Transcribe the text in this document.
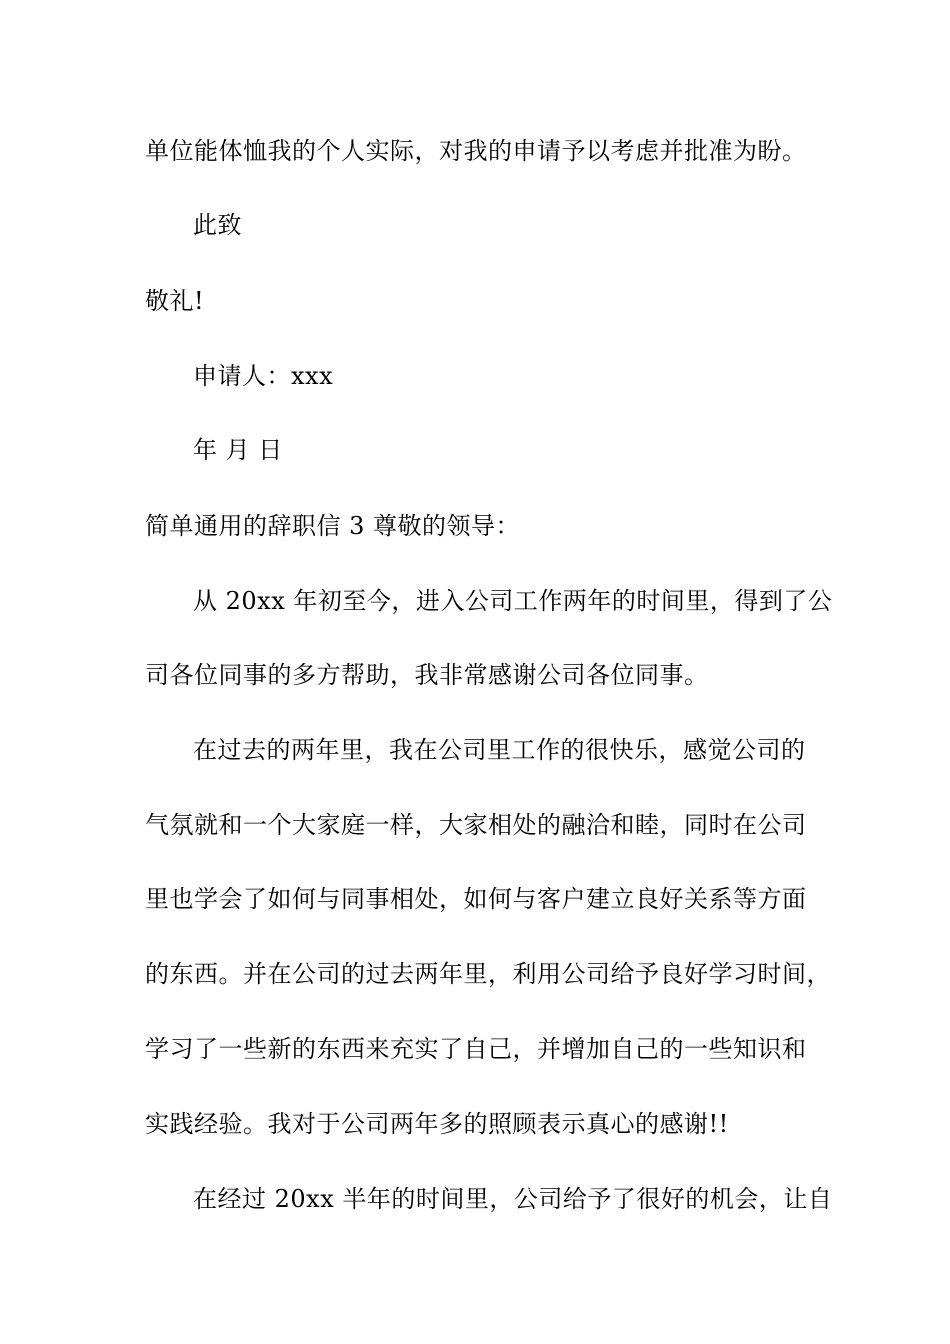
单位能体恤我的个人实际，对我的申请予以考虑并批准为盼。
此致
敬礼!
申请人：xxx
年 月 日
简单通用的辞职信 3 尊敬的领导：
从 20xx 年初至今，进入公司工作两年的时间里，得到了公
司各位同事的多方帮助，我非常感谢公司各位同事。
在过去的两年里，我在公司里工作的很快乐，感觉公司的
气氛就和一个大家庭一样，大家相处的融洽和睦，同时在公司
里也学会了如何与同事相处，如何与客户建立良好关系等方面
的东西。并在公司的过去两年里，利用公司给予良好学习时间，
学习了一些新的东西来充实了自己，并增加自己的一些知识和
实践经验。我对于公司两年多的照顾表示真心的感谢!!
在经过 20xx 半年的时间里，公司给予了很好的机会，让自
